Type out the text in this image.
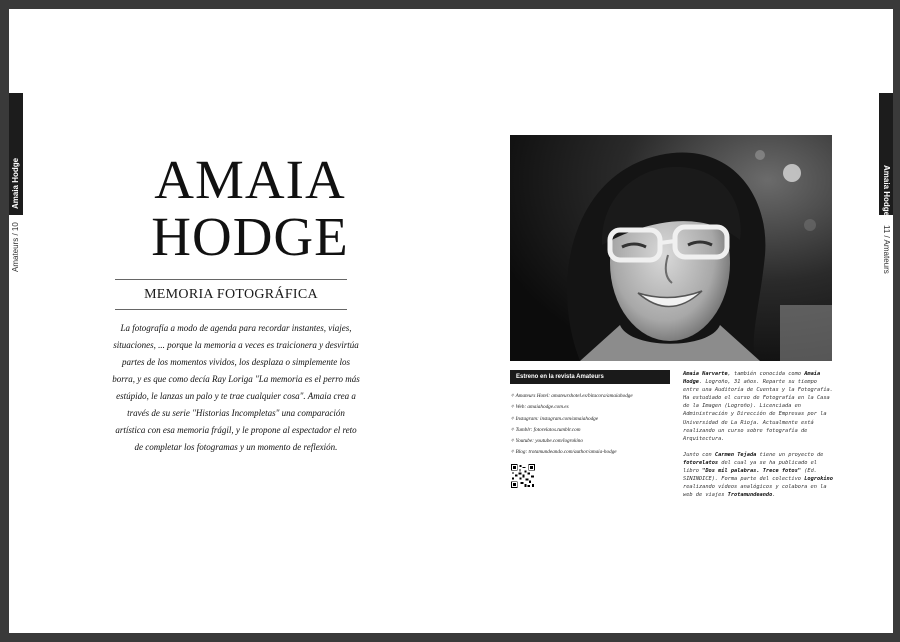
Amaia Hodge
Amateurs / 10
Amaia Hodge
11 / Amateurs
AMAIA
HODGE
MEMORIA FOTOGRÁFICA
La fotografía a modo de agenda para recordar instantes, viajes, situaciones, ... porque la memoria a veces es traicionera y desvirtúa partes de los momentos vividos, los desplaza o simplemente los borra, y es que como decía Ray Loriga "La memoria es el perro más estúpido, le lanzas un palo y te trae cualquier cosa". Amaia crea a través de su serie "Historias Incompletas" una comparación artística con esa memoria frágil, y le propone al espectador el reto de completar los fotogramas y un momento de reflexión.
Estreno en la revista Amateurs
✧ Amateurs Hotel: amateurshotel.es/bitacora/amaiahodge
✧ Web: amaiahodge.com.es
✧ Instagram: instagram.com/amaiahodge
✧ Tumblr: fotorelatos.tumblr.com
✧ Youtube: youtube.com/logrokino
✧ Blog: trotamundeando.com/author/amaia-hodge

Amaia Narvarte, también conocida como Amaia Hodge. Logroño, 31 años. Reparte su tiempo entre una Auditoría de Cuentas y la Fotografía. Ha estudiado el curso de Fotografía en la Casa de la Imagen (Logroño). Licenciada en Administración y Dirección de Empresas por la Universidad de La Rioja. Actualmente está realizando un curso sobre fotografía de Arquitectura.

Junto con Carmen Tejada tiene un proyecto de fotorelatos del cual ya se ha publicado el libro "Dos mil palabras. Trece fotos" (Ed. SININDICE). Forma parte del colectivo Logrokino realizando vídeos analógicos y colabora en la web de viajes Trotamundeando.
